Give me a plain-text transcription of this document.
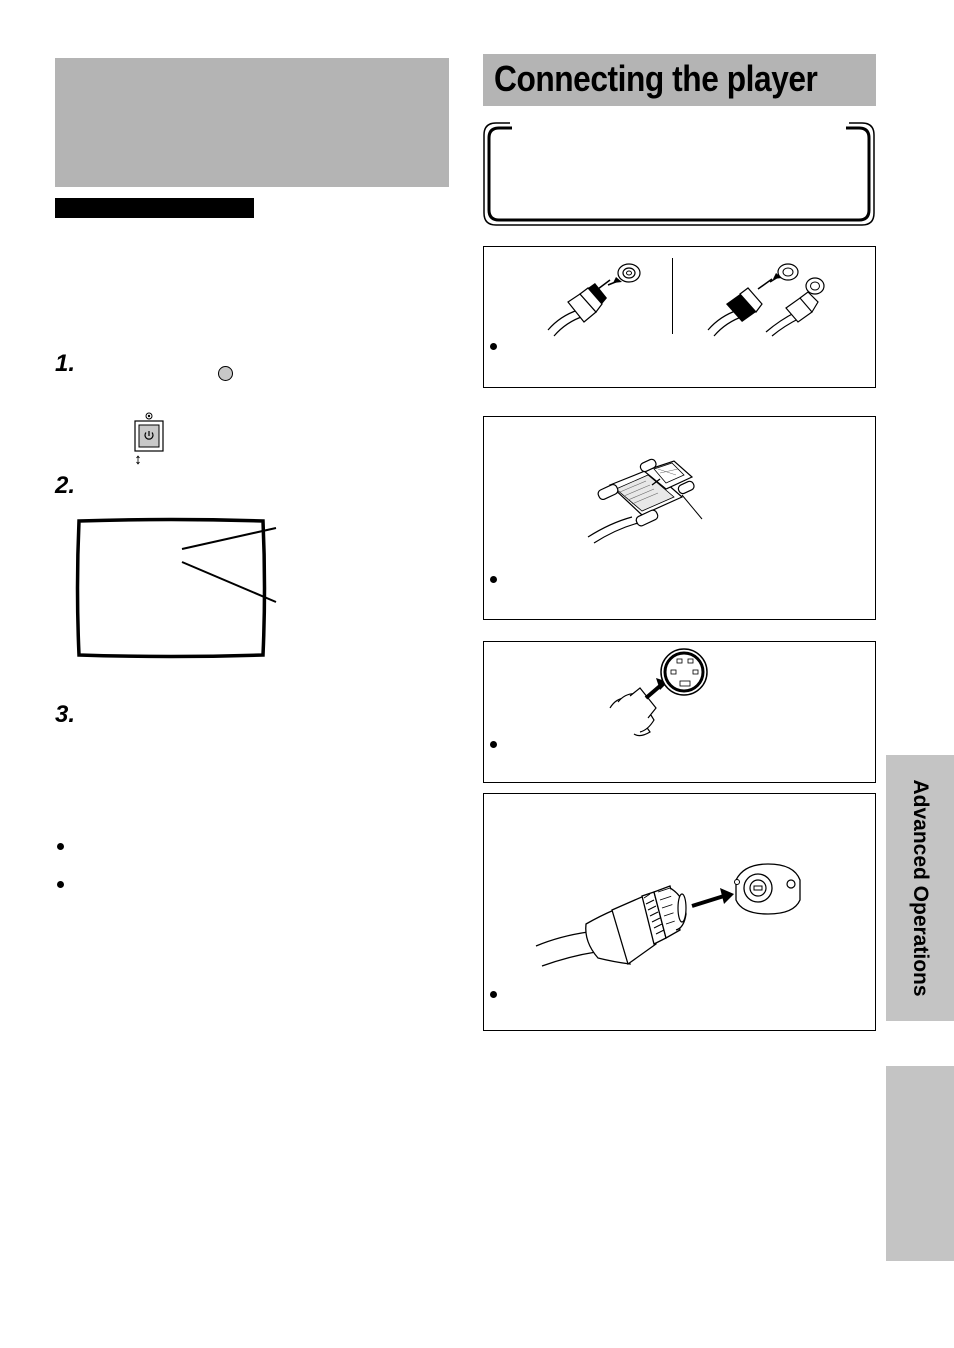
1.
2.
3.
Connecting the player
Advanced Operations
